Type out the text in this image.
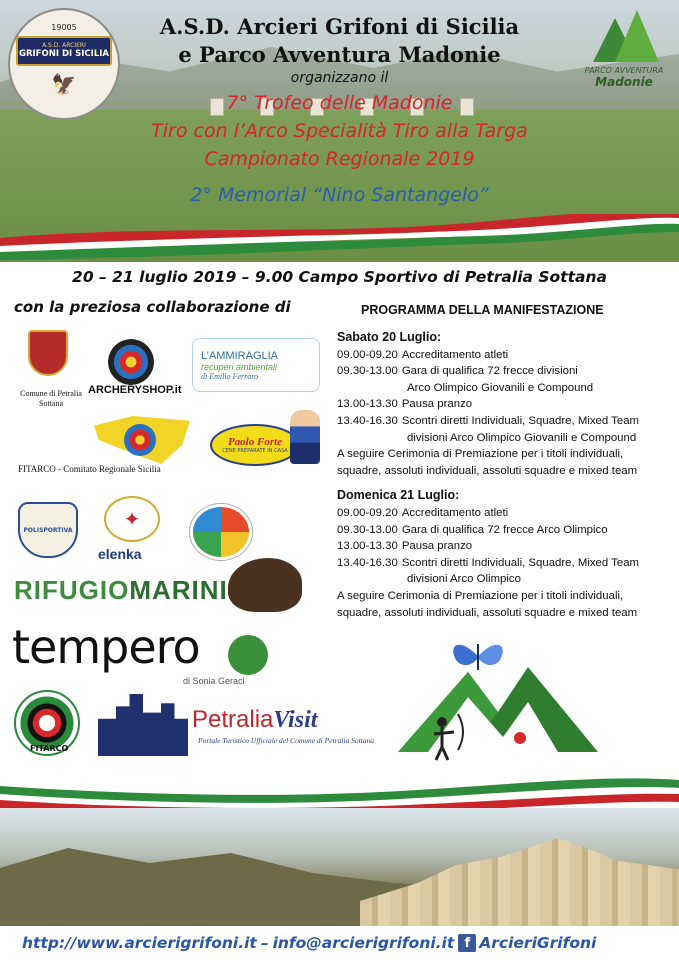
19005
A.S.D. ARCIERI
GRIFONI DI SICILIA
🦅
PARCO AVVENTURA
Madonie
A.S.D. Arcieri Grifoni di Sicilia
e Parco Avventura Madonie
organizzano il
7° Trofeo delle Madonie
Tiro con l’Arco Specialità Tiro alla Targa
Campionato Regionale 2019
2° Memorial “Nino Santangelo”
20 – 21 luglio 2019 – 9.00 Campo Sportivo di Petralia Sottana
con la preziosa collaborazione di	PROGRAMMA DELLA MANIFESTAZIONE
Sabato 20 Luglio:
09.00-09.20 Accreditamento atleti
09.30-13.00 Gara di qualifica 72 frecce divisioni
Arco Olimpico Giovanili e Compound
13.00-13.30 Pausa pranzo
13.40-16.30 Scontri diretti Individuali, Squadre, Mixed Team
divisioni Arco Olimpico Giovanili e Compound
A seguire Cerimonia di Premiazione per i titoli individuali,
squadre, assoluti individuali, assoluti squadre e mixed team
Domenica 21 Luglio:
09.00-09.20 Accreditamento atleti
09.30-13.00 Gara di qualifica 72 frecce Arco Olimpico
13.00-13.30 Pausa pranzo
13.40-16.30 Scontri diretti Individuali, Squadre, Mixed Team
divisioni Arco Olimpico
A seguire Cerimonia di Premiazione per i titoli individuali,
squadre, assoluti individuali, assoluti squadre e mixed team
Comune di Petralia Sottana
ARCHERYSHOP.it
L’AMMIRAGLIA
recuperi ambientali
di Emilio Ferraro
FITARCO - Comitato Regionale Sicilia
Paolo Forte
CENE PREPARATE IN CASA
POLISPORTIVA	✦
elenka
RIFUGIOMARINI
tempero
di Sonia Geraci
FITARCO
PetraliaVisit
Portale Turistico Ufficiale del Comune di Petralia Sottana
http://www.arcierigrifoni.it – info@arcierigrifoni.it f ArcieriGrifoni
